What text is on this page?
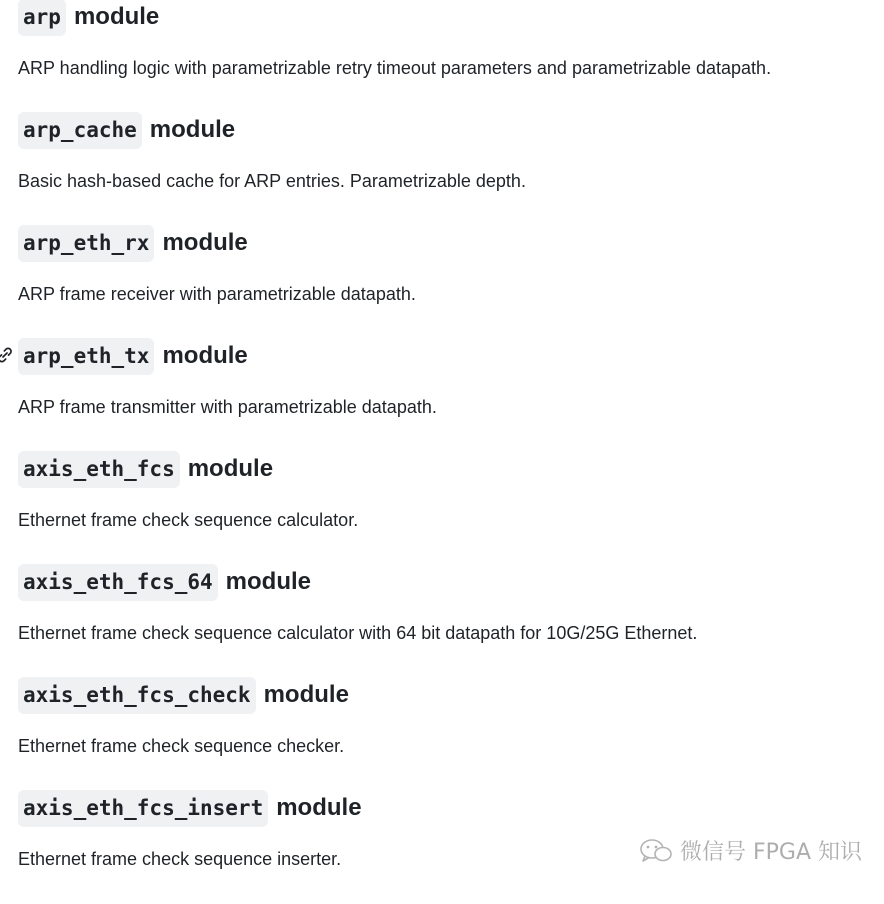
arp module

ARP handling logic with parametrizable retry timeout parameters and parametrizable datapath.

arp_cache module

Basic hash-based cache for ARP entries. Parametrizable depth.

arp_eth_rx module

ARP frame receiver with parametrizable datapath.

arp_eth_tx module

ARP frame transmitter with parametrizable datapath.

axis_eth_fcs module

Ethernet frame check sequence calculator.

axis_eth_fcs_64 module

Ethernet frame check sequence calculator with 64 bit datapath for 10G/25G Ethernet.

axis_eth_fcs_check module

Ethernet frame check sequence checker.

axis_eth_fcs_insert module

Ethernet frame check sequence inserter.	微信号 FPGA 知识
